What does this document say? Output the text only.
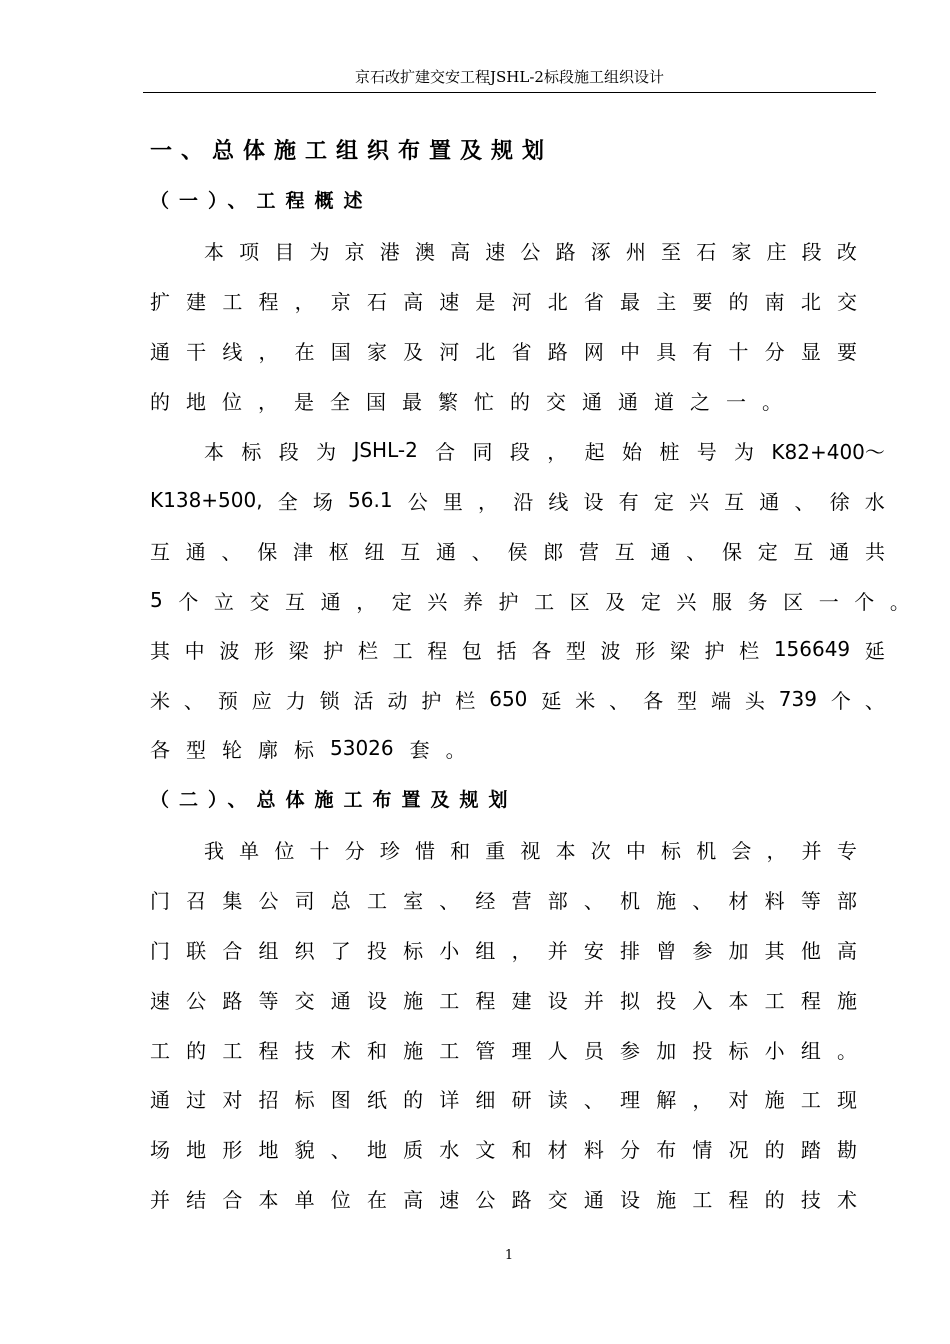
京石改扩建交安工程JSHL-2标段施工组织设计
一、总体施工组织布置及规划
（一）、工程概述
本 项 目 为 京 港 澳 高 速 公 路 涿 州 至 石 家 庄 段 改
扩 建 工 程 ， 京 石 高 速 是 河 北 省 最 主 要 的 南 北 交
通 干 线 ， 在 国 家 及 河 北 省 路 网 中 具 有 十 分 显 要
的 地 位 ， 是 全 国 最 繁 忙 的 交 通 通 道 之 一 。
本 标 段 为 JSHL-2 合 同 段 ， 起 始 桩 号 为 K82+400～
K138+500, 全 场 56.1 公 里 ， 沿 线 设 有 定 兴 互 通 、 徐 水
互 通 、 保 津 枢 纽 互 通 、 侯 郎 营 互 通 、 保 定 互 通 共
5 个 立 交 互 通 ， 定 兴 养 护 工 区 及 定 兴 服 务 区 一 个 。
其 中 波 形 梁 护 栏 工 程 包 括 各 型 波 形 梁 护 栏 156649 延
米 、 预 应 力 锁 活 动 护 栏 650 延 米 、 各 型 端 头 739 个 、
各 型 轮 廓 标 53026 套 。
（二）、总体施工布置及规划
我 单 位 十 分 珍 惜 和 重 视 本 次 中 标 机 会 ， 并 专
门 召 集 公 司 总 工 室 、 经 营 部 、 机 施 、 材 料 等 部
门 联 合 组 织 了 投 标 小 组 ， 并 安 排 曾 参 加 其 他 高
速 公 路 等 交 通 设 施 工 程 建 设 并 拟 投 入 本 工 程 施
工 的 工 程 技 术 和 施 工 管 理 人 员 参 加 投 标 小 组 。
通 过 对 招 标 图 纸 的 详 细 研 读 、 理 解 ， 对 施 工 现
场 地 形 地 貌 、 地 质 水 文 和 材 料 分 布 情 况 的 踏 勘
并 结 合 本 单 位 在 高 速 公 路 交 通 设 施 工 程 的 技 术
1
